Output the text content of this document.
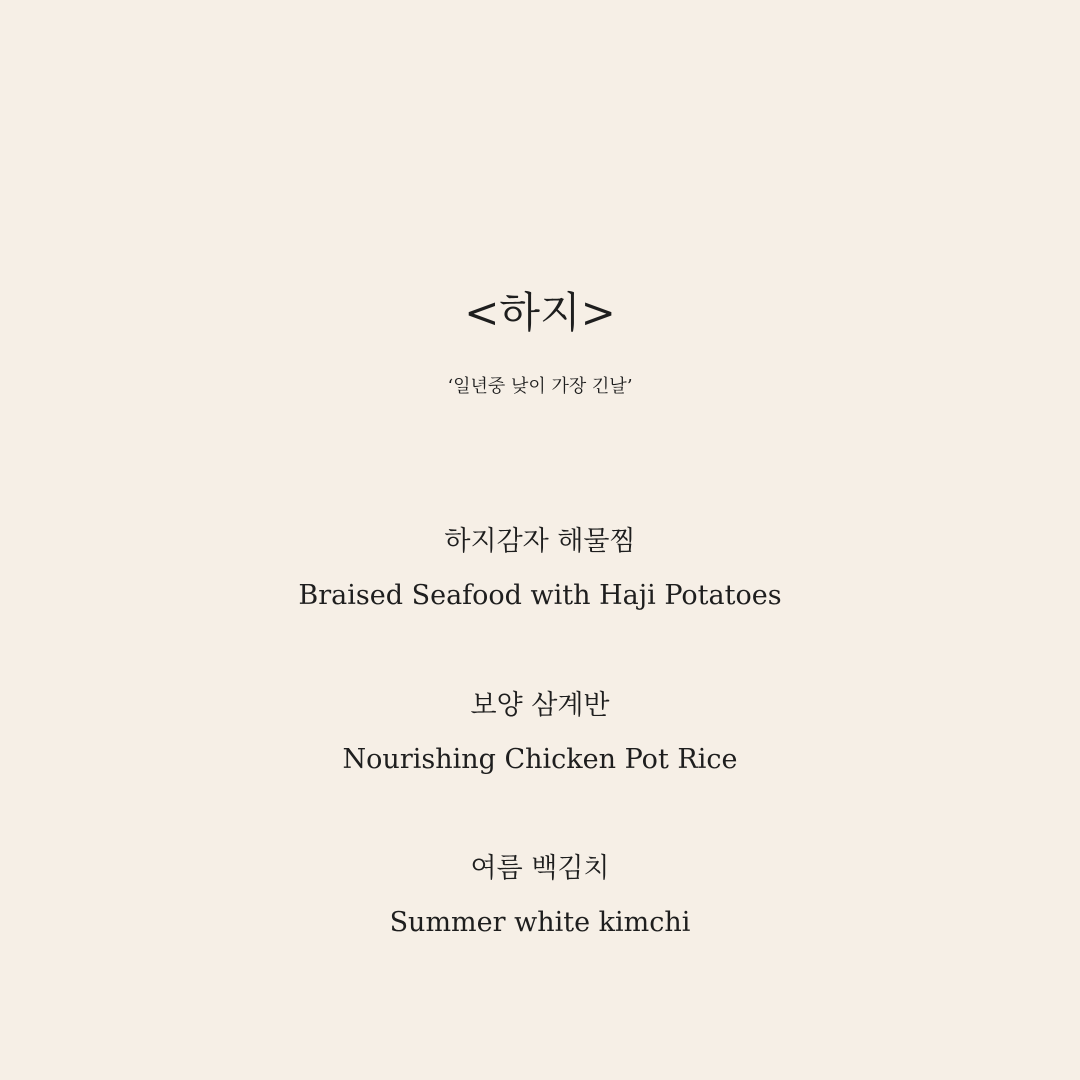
<하지>
‘일년중 낮이 가장 긴날’
하지감자 해물찜
Braised Seafood with Haji Potatoes
보양 삼계반
Nourishing Chicken Pot Rice
여름 백김치
Summer white kimchi
